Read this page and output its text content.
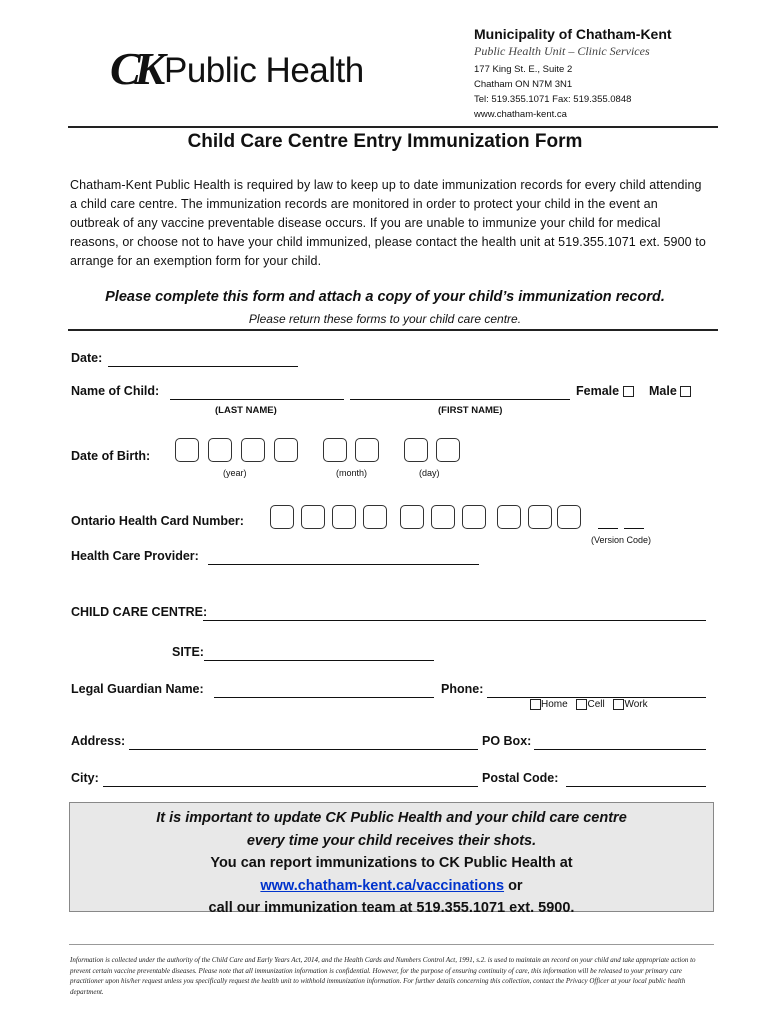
CK Public Health
Municipality of Chatham-Kent
Public Health Unit – Clinic Services
177 King St. E., Suite 2
Chatham ON N7M 3N1
Tel: 519.355.1071 Fax: 519.355.0848
www.chatham-kent.ca
Child Care Centre Entry Immunization Form
Chatham-Kent Public Health is required by law to keep up to date immunization records for every child attending a child care centre. The immunization records are monitored in order to protect your child in the event an outbreak of any vaccine preventable disease occurs. If you are unable to immunize your child for medical reasons, or choose not to have your child immunized, please contact the health unit at 519.355.1071 ext. 5900 to arrange for an exemption form for your child.
Please complete this form and attach a copy of your child’s immunization record.
Please return these forms to your child care centre.
Date:
Name of Child:
(LAST NAME)	(FIRST NAME)
Female	Male
Date of Birth:
(year)	(month)	(day)
Ontario Health Card Number:
(Version Code)
Health Care Provider:
CHILD CARE CENTRE:
SITE:
Legal Guardian Name:	Phone:
Home Cell Work
Address:	PO Box:
City:	Postal Code:
It is important to update CK Public Health and your child care centre
every time your child receives their shots.
You can report immunizations to CK Public Health at
www.chatham-kent.ca/vaccinations or
call our immunization team at 519.355.1071 ext. 5900.
Information is collected under the authority of the Child Care and Early Years Act, 2014, and the Health Cards and Numbers Control Act, 1991, s.2. is used to maintain an record on your child and take appropriate action to prevent certain vaccine preventable diseases. Please note that all immunization information is confidential. However, for the purpose of ensuring continuity of care, this information will be released to your primary care practitioner upon his/her request unless you specifically request the health unit to withhold immunization information. For further details concerning this collection, contact the Privacy Officer at your local public health department.
